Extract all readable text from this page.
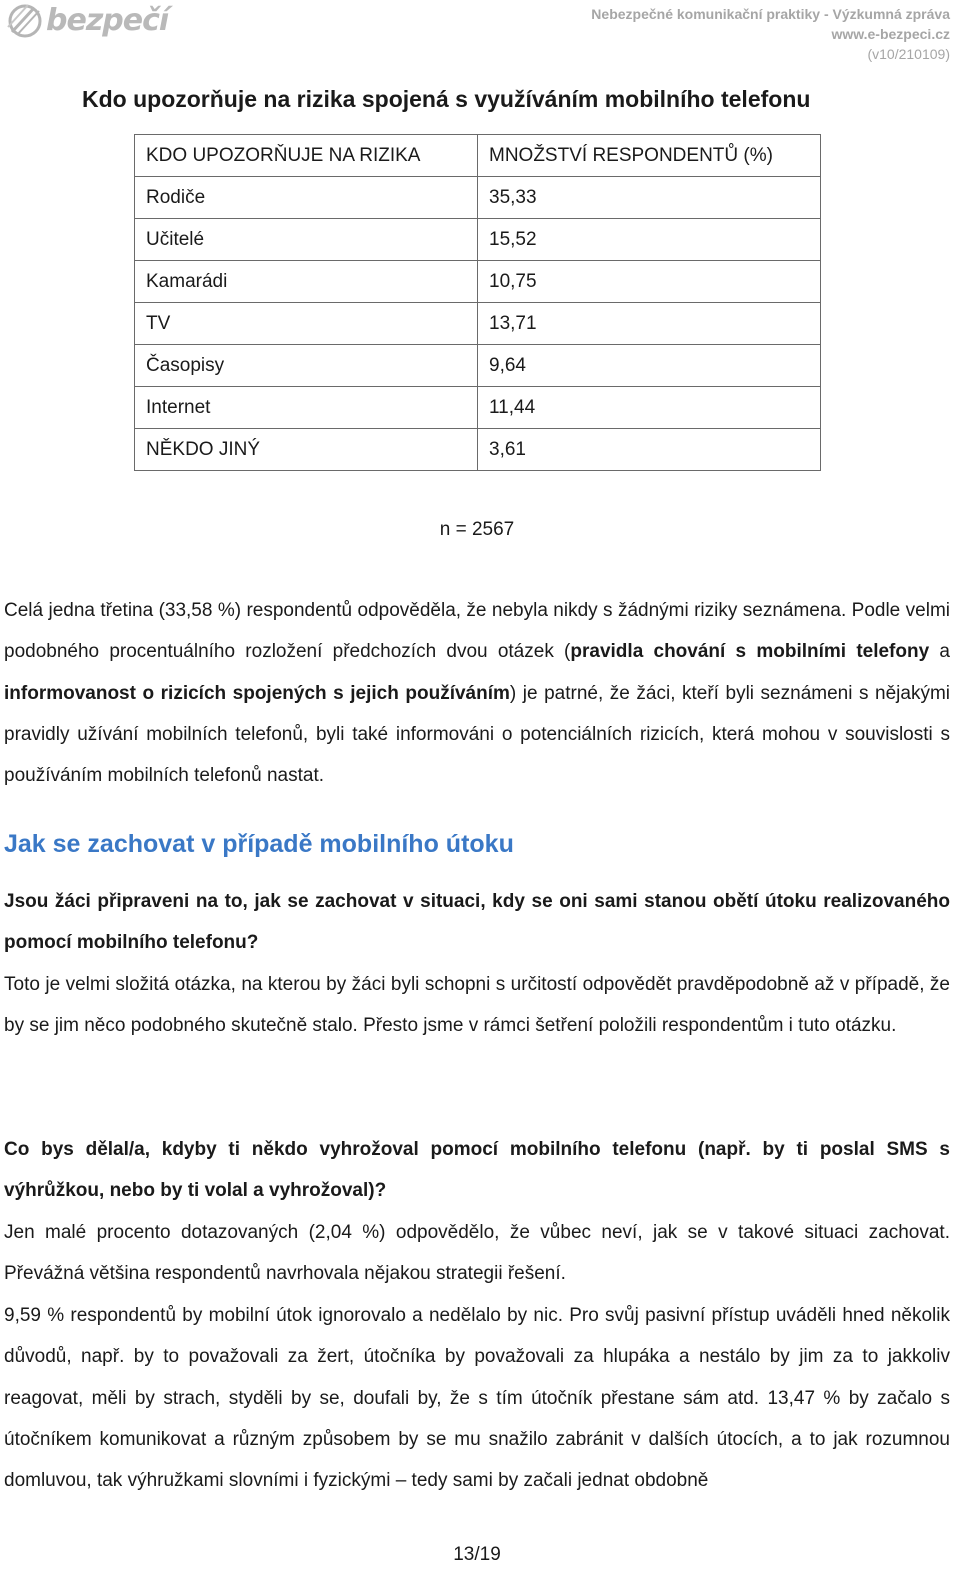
bezpečí	Nebezpečné komunikační praktiky - Výzkumná zpráva
www.e-bezpeci.cz
(v10/210109)
Kdo upozorňuje na rizika spojená s využíváním mobilního telefonu
KDO UPOZORŇUJE NA RIZIKA	MNOŽSTVÍ RESPONDENTŮ (%)
Rodiče	35,33
Učitelé	15,52
Kamarádi	10,75
TV	13,71
Časopisy	9,64
Internet	11,44
NĚKDO JINÝ	3,61
n = 2567

Celá jedna třetina (33,58 %) respondentů odpověděla, že nebyla nikdy s žádnými riziky seznámena. Podle velmi podobného procentuálního rozložení předchozích dvou otázek (pravidla chování s mobilními telefony a informovanost o rizicích spojených s jejich používáním) je patrné, že žáci, kteří byli seznámeni s nějakými pravidly užívání mobilních telefonů, byli také informováni o potenciálních rizicích, která mohou v souvislosti s používáním mobilních telefonů nastat.

Jak se zachovat v případě mobilního útoku

Jsou žáci připraveni na to, jak se zachovat v situaci, kdy se oni sami stanou obětí útoku realizovaného pomocí mobilního telefonu?

Toto je velmi složitá otázka, na kterou by žáci byli schopni s určitostí odpovědět pravděpodobně až v případě, že by se jim něco podobného skutečně stalo. Přesto jsme v rámci šetření položili respondentům i tuto otázku.

Co bys dělal/a, kdyby ti někdo vyhrožoval pomocí mobilního telefonu (např. by ti poslal SMS s výhrůžkou, nebo by ti volal a vyhrožoval)?

Jen malé procento dotazovaných (2,04 %) odpovědělo, že vůbec neví, jak se v takové situaci zachovat. Převážná většina respondentů navrhovala nějakou strategii řešení.

9,59 % respondentů by mobilní útok ignorovalo a nedělalo by nic. Pro svůj pasivní přístup uváděli hned několik důvodů, např. by to považovali za žert, útočníka by považovali za hlupáka a nestálo by jim za to jakkoliv reagovat, měli by strach, styděli by se, doufali by, že s tím útočník přestane sám atd. 13,47 % by začalo s útočníkem komunikovat a různým způsobem by se mu snažilo zabránit v dalších útocích, a to jak rozumnou domluvou, tak výhružkami slovními i fyzickými – tedy sami by začali jednat obdobně

13/19
